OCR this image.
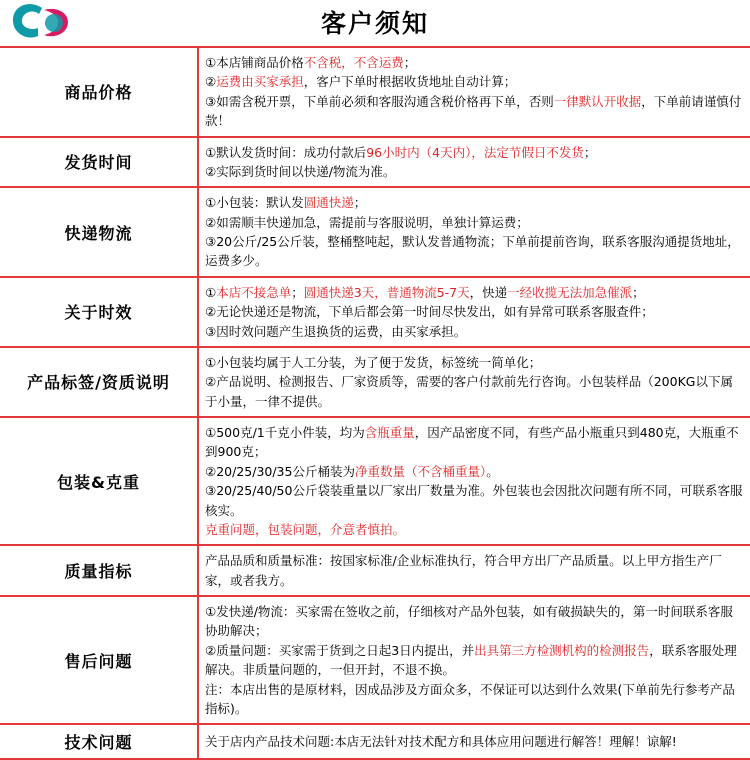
客户须知
商品价格	①本店铺商品价格不含税，不含运费；

②运费由买家承担，客户下单时根据收货地址自动计算；

③如需含税开票，下单前必须和客服沟通含税价格再下单，否则一律默认开收据，下单前请谨慎付款！

发货时间	①默认发货时间：成功付款后96小时内（4天内），法定节假日不发货；

②实际到货时间以快递/物流为准。

快递物流	①小包装：默认发圆通快递；

②如需顺丰快递加急，需提前与客服说明，单独计算运费；

③20公斤/25公斤装，整桶整吨起，默认发普通物流；下单前提前咨询，联系客服沟通提货地址，运费多少。

关于时效	①本店不接急单；圆通快递3天，普通物流5-7天，快递一经收揽无法加急催派；

②无论快递还是物流，下单后都会第一时间尽快发出，如有异常可联系客服查件；

③因时效问题产生退换货的运费，由买家承担。

产品标签/资质说明	①小包装均属于人工分装，为了便于发货，标签统一简单化；

②产品说明、检测报告、厂家资质等，需要的客户付款前先行咨询。小包装样品（200KG以下属于小量，一律不提供。

包装&克重	①500克/1千克小件装，均为含瓶重量，因产品密度不同，有些产品小瓶重只到480克，大瓶重不到900克；

②20/25/30/35公斤桶装为净重数量（不含桶重量）。

③20/25/40/50公斤袋装重量以厂家出厂数量为准。外包装也会因批次问题有所不同，可联系客服核实。

克重问题，包装问题，介意者慎拍。

质量指标	产品品质和质量标准：按国家标准/企业标准执行，符合甲方出厂产品质量。以上甲方指生产厂家，或者我方。

售后问题	①发快递/物流：买家需在签收之前，仔细核对产品外包装，如有破损缺失的，第一时间联系客服协助解决；

②质量问题：买家需于货到之日起3日内提出，并出具第三方检测机构的检测报告，联系客服处理解决。非质量问题的，一但开封，不退不换。

注：本店出售的是原材料，因成品涉及方面众多，不保证可以达到什么效果(下单前先行参考产品指标)。

技术问题	关于店内产品技术问题:本店无法针对技术配方和具体应用问题进行解答！理解！谅解!
